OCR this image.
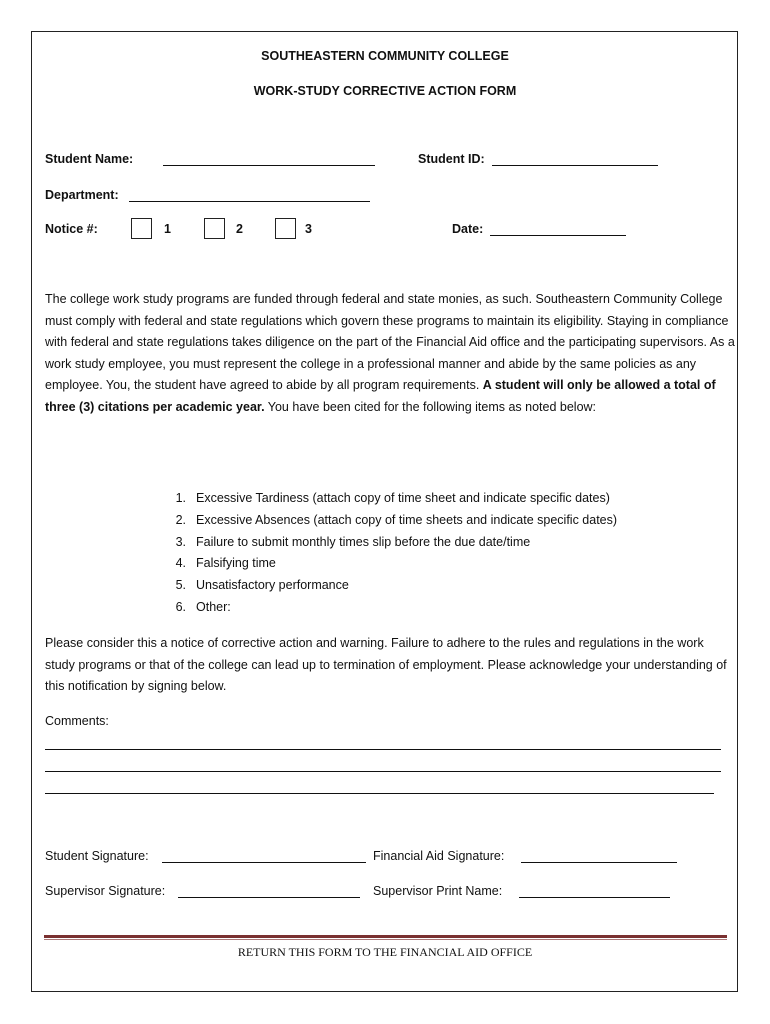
SOUTHEASTERN COMMUNITY COLLEGE
WORK-STUDY CORRECTIVE ACTION FORM
Student Name:	Student ID:
Department:
Notice #:	1	2	3	Date:
The college work study programs are funded through federal and state monies, as such. Southeastern Community College must comply with federal and state regulations which govern these programs to maintain its eligibility. Staying in compliance with federal and state regulations takes diligence on the part of the Financial Aid office and the participating supervisors. As a work study employee, you must represent the college in a professional manner and abide by the same policies as any employee. You, the student have agreed to abide by all program requirements. A student will only be allowed a total of three (3) citations per academic year. You have been cited for the following items as noted below:
1. Excessive Tardiness (attach copy of time sheet and indicate specific dates)
2. Excessive Absences (attach copy of time sheets and indicate specific dates)
3. Failure to submit monthly times slip before the due date/time
4. Falsifying time
5. Unsatisfactory performance
6. Other:
Please consider this a notice of corrective action and warning. Failure to adhere to the rules and regulations in the work study programs or that of the college can lead up to termination of employment. Please acknowledge your understanding of this notification by signing below.
Comments:
Student Signature:	Financial Aid Signature:
Supervisor Signature:	Supervisor Print Name:
RETURN THIS FORM TO THE FINANCIAL AID OFFICE
